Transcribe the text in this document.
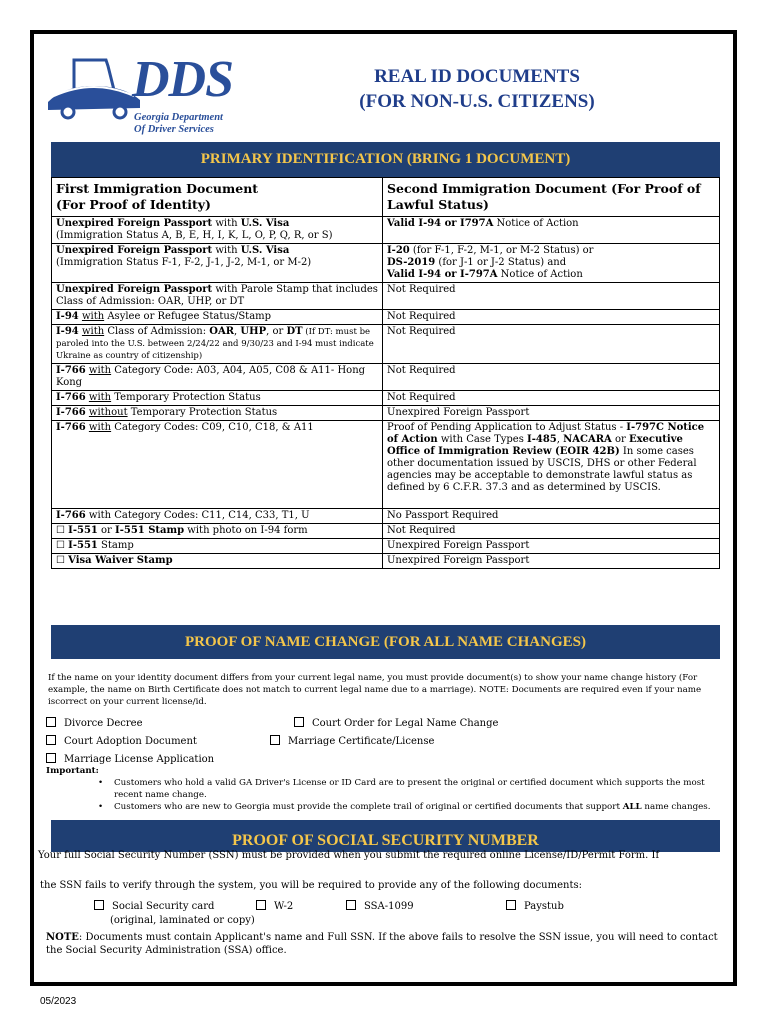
DDS
Georgia Department
Of Driver Services
REAL ID DOCUMENTS
(FOR NON-U.S. CITIZENS)
PRIMARY IDENTIFICATION (BRING 1 DOCUMENT)
First Immigration Document
(For Proof of Identity)	Second Immigration Document (For Proof of Lawful Status)
Unexpired Foreign Passport with U.S. Visa
(Immigration Status A, B, E, H, I, K, L, O, P, Q, R, or S)	Valid I-94 or I797A Notice of Action
Unexpired Foreign Passport with U.S. Visa
(Immigration Status F-1, F-2, J-1, J-2, M-1, or M-2)	I-20 (for F-1, F-2, M-1, or M-2 Status) or
DS-2019 (for J-1 or J-2 Status) and
Valid I-94 or I-797A Notice of Action
Unexpired Foreign Passport with Parole Stamp that includes Class of Admission: OAR, UHP, or DT	Not Required
I-94 with Asylee or Refugee Status/Stamp	Not Required
I-94 with Class of Admission: OAR, UHP, or DT (If DT: must be paroled into the U.S. between 2/24/22 and 9/30/23 and I-94 must indicate Ukraine as country of citizenship)	Not Required
I-766 with Category Code: A03, A04, A05, C08 & A11- Hong Kong	Not Required
I-766 with Temporary Protection Status	Not Required
I-766 without Temporary Protection Status	Unexpired Foreign Passport
I-766 with Category Codes: C09, C10, C18, & A11	Proof of Pending Application to Adjust Status - I-797C Notice of Action with Case Types I-485, NACARA or Executive Office of Immigration Review (EOIR 42B) In some cases other documentation issued by USCIS, DHS or other Federal agencies may be acceptable to demonstrate lawful status as defined by 6 C.F.R. 37.3 and as determined by USCIS.
I-766 with Category Codes: C11, C14, C33, T1, U	No Passport Required
☐ I-551 or I-551 Stamp with photo on I-94 form	Not Required
☐ I-551 Stamp	Unexpired Foreign Passport
☐ Visa Waiver Stamp	Unexpired Foreign Passport
PROOF OF NAME CHANGE (FOR ALL NAME CHANGES)
If the name on your identity document differs from your current legal name, you must provide document(s) to show your name change history (For example, the name on Birth Certificate does not match to current legal name due to a marriage). NOTE: Documents are required even if your name iscorrect on your current license/id.
Divorce Decree	Court Order for Legal Name Change
Court Adoption Document	Marriage Certificate/License
Marriage License Application
Important:
• Customers who hold a valid GA Driver's License or ID Card are to present the original or certified document which supports the most recent name change.
• Customers who are new to Georgia must provide the complete trail of original or certified documents that support ALL name changes.
PROOF OF SOCIAL SECURITY NUMBER
Your full Social Security Number (SSN) must be provided when you submit the required online License/ID/Permit Form. If
the SSN fails to verify through the system, you will be required to provide any of the following documents:
Social Security card
(original, laminated or copy)
W-2	SSA-1099	Paystub
NOTE: Documents must contain Applicant's name and Full SSN. If the above fails to resolve the SSN issue, you will need to contact the Social Security Administration (SSA) office.
05/2023
